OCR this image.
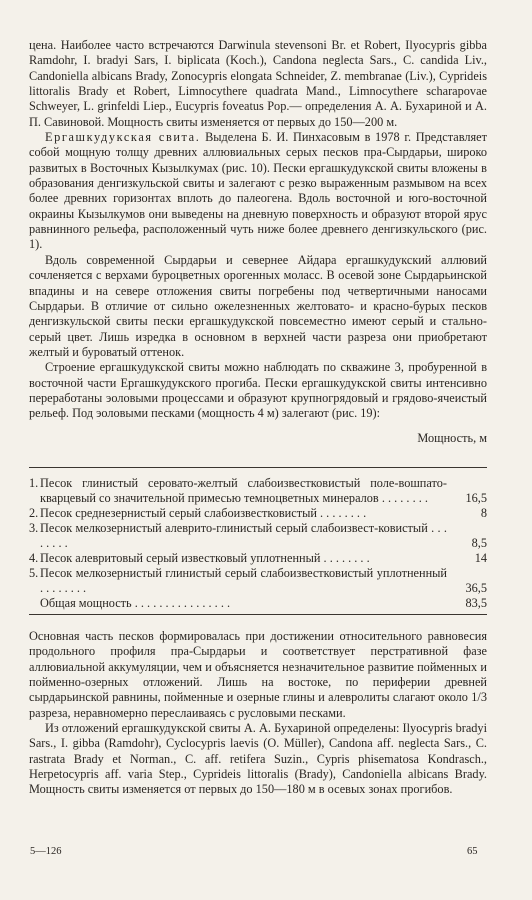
цена. Наиболее часто встречаются Darwinula stevensoni Br. et Robert, Ilyocypris gibba Ramdohr, I. bradyi Sars, I. biplicata (Koch.), Candona neglecta Sars., C. candida Liv., Candoniella albicans Brady, Zonocypris elongata Schneider, Z. membranae (Liv.), Cyprideis littoralis Brady et Robert, Limnocythere quadrata Mand., Limnocythere scharapovae Schweyer, L. grinfeldi Liep., Eucypris foveatus Pop.— определения А. А. Бухариной и А. П. Савиновой. Мощность свиты изменяется от первых до 150—200 м.

Ергашкудукская свита. Выделена Б. И. Пинхасовым в 1978 г. Представляет собой мощную толщу древних аллювиальных серых песков пра-Сырдарьи, широко развитых в Восточных Кызылкумах (рис. 10). Пески ергашкудукской свиты вложены в образования денгизкульской свиты и залегают с резко выраженным размывом на всех более древних горизонтах вплоть до палеогена. Вдоль восточной и юго-восточной окраины Кызылкумов они выведены на дневную поверхность и образуют второй ярус равнинного рельефа, расположенный чуть ниже более древнего денгизкульского (рис. 1).

Вдоль современной Сырдарьи и севернее Айдара ергашкудукский аллювий сочленяется с верхами буроцветных орогенных моласс. В осевой зоне Сырдарьинской впадины и на севере отложения свиты погребены под четвертичными наносами Сырдарьи. В отличие от сильно ожелезненных желтовато- и красно-бурых песков денгизкульской свиты пески ергашкудукской повсеместно имеют серый и стально-серый цвет. Лишь изредка в основном в верхней части разреза они приобретают желтый и буроватый оттенок.

Строение ергашкудукской свиты можно наблюдать по скважине 3, пробуренной в восточной части Ергашкудукского прогиба. Пески ергашкудукской свиты интенсивно переработаны эоловыми процессами и образуют крупногрядовый и грядово-ячеистый рельеф. Под эоловыми песками (мощность 4 м) залегают (рис. 19):

Мощность, м
1.	Песок глинистый серовато-желтый слабоизвестковистый поле-вошпато-кварцевый со значительной примесью темноцветных минералов . . . . . . . .	16,5
2.	Песок среднезернистый серый слабоизвестковистый . . . . . . . .	8
3.	Песок мелкозернистый алеврито-глинистый серый слабоизвест-ковистый . . . . . . . .	8,5
4.	Песок алевритовый серый известковый уплотненный . . . . . . . .	14
5.	Песок мелкозернистый глинистый серый слабоизвестковистый уплотненный . . . . . . . .	36,5
	Общая мощность . . . . . . . . . . . . . . . .	83,5

Основная часть песков формировалась при достижении относительного равновесия продольного профиля пра-Сырдарьи и соответствует перстративной фазе аллювиальной аккумуляции, чем и объясняется незначительное развитие пойменных и пойменно-озерных отложений. Лишь на востоке, по периферии древней сырдарьинской равнины, пойменные и озерные глины и алевролиты слагают около 1/3 разреза, неравномерно переслаиваясь с русловыми песками.

Из отложений ергашкудукской свиты А. А. Бухариной определены: Ilyocypris bradyi Sars., I. gibba (Ramdohr), Cyclocypris laevis (O. Müller), Candona aff. neglecta Sars., C. rastrata Brady et Norman., C. aff. retifera Suzin., Cypris phisematosa Kondrasch., Herpetocypris aff. varia Step., Cyprideis littoralis (Brady), Candoniella albicans Brady. Мощность свиты изменяется от первых до 150—180 м в осевых зонах прогибов.

5—126	65
